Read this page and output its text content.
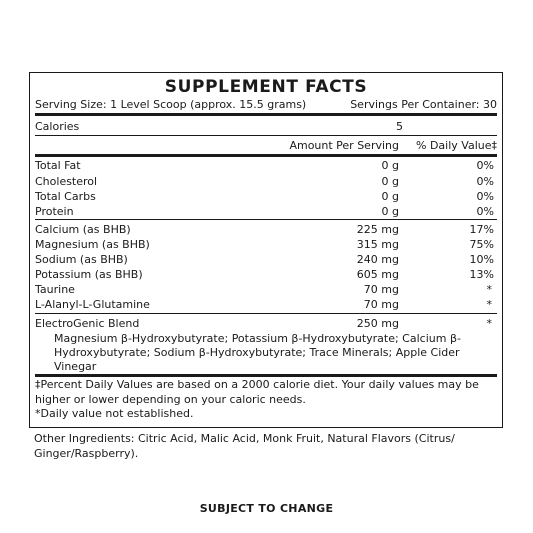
SUPPLEMENT FACTS
Serving Size: 1 Level Scoop (approx. 15.5 grams)	Servings Per Container: 30
Calories	5
Amount Per Serving % Daily Value‡
Total Fat	0 g	0%
Cholesterol	0 g	0%
Total Carbs	0 g	0%
Protein	0 g	0%
Calcium (as BHB)	225 mg	17%
Magnesium (as BHB)	315 mg	75%
Sodium (as BHB)	240 mg	10%
Potassium (as BHB)	605 mg	13%
Taurine	70 mg	*
L-Alanyl-L-Glutamine	70 mg	*
ElectroGenic Blend	250 mg	*
Magnesium β-Hydroxybutyrate; Potassium β-Hydroxybutyrate; Calcium β-Hydroxybutyrate; Sodium β-Hydroxybutyrate; Trace Minerals; Apple Cider Vinegar
‡Percent Daily Values are based on a 2000 calorie diet. Your daily values may be higher or lower depending on your caloric needs.
*Daily value not established.
Other Ingredients: Citric Acid, Malic Acid, Monk Fruit, Natural Flavors (Citrus/ Ginger/Raspberry).
SUBJECT TO CHANGE
